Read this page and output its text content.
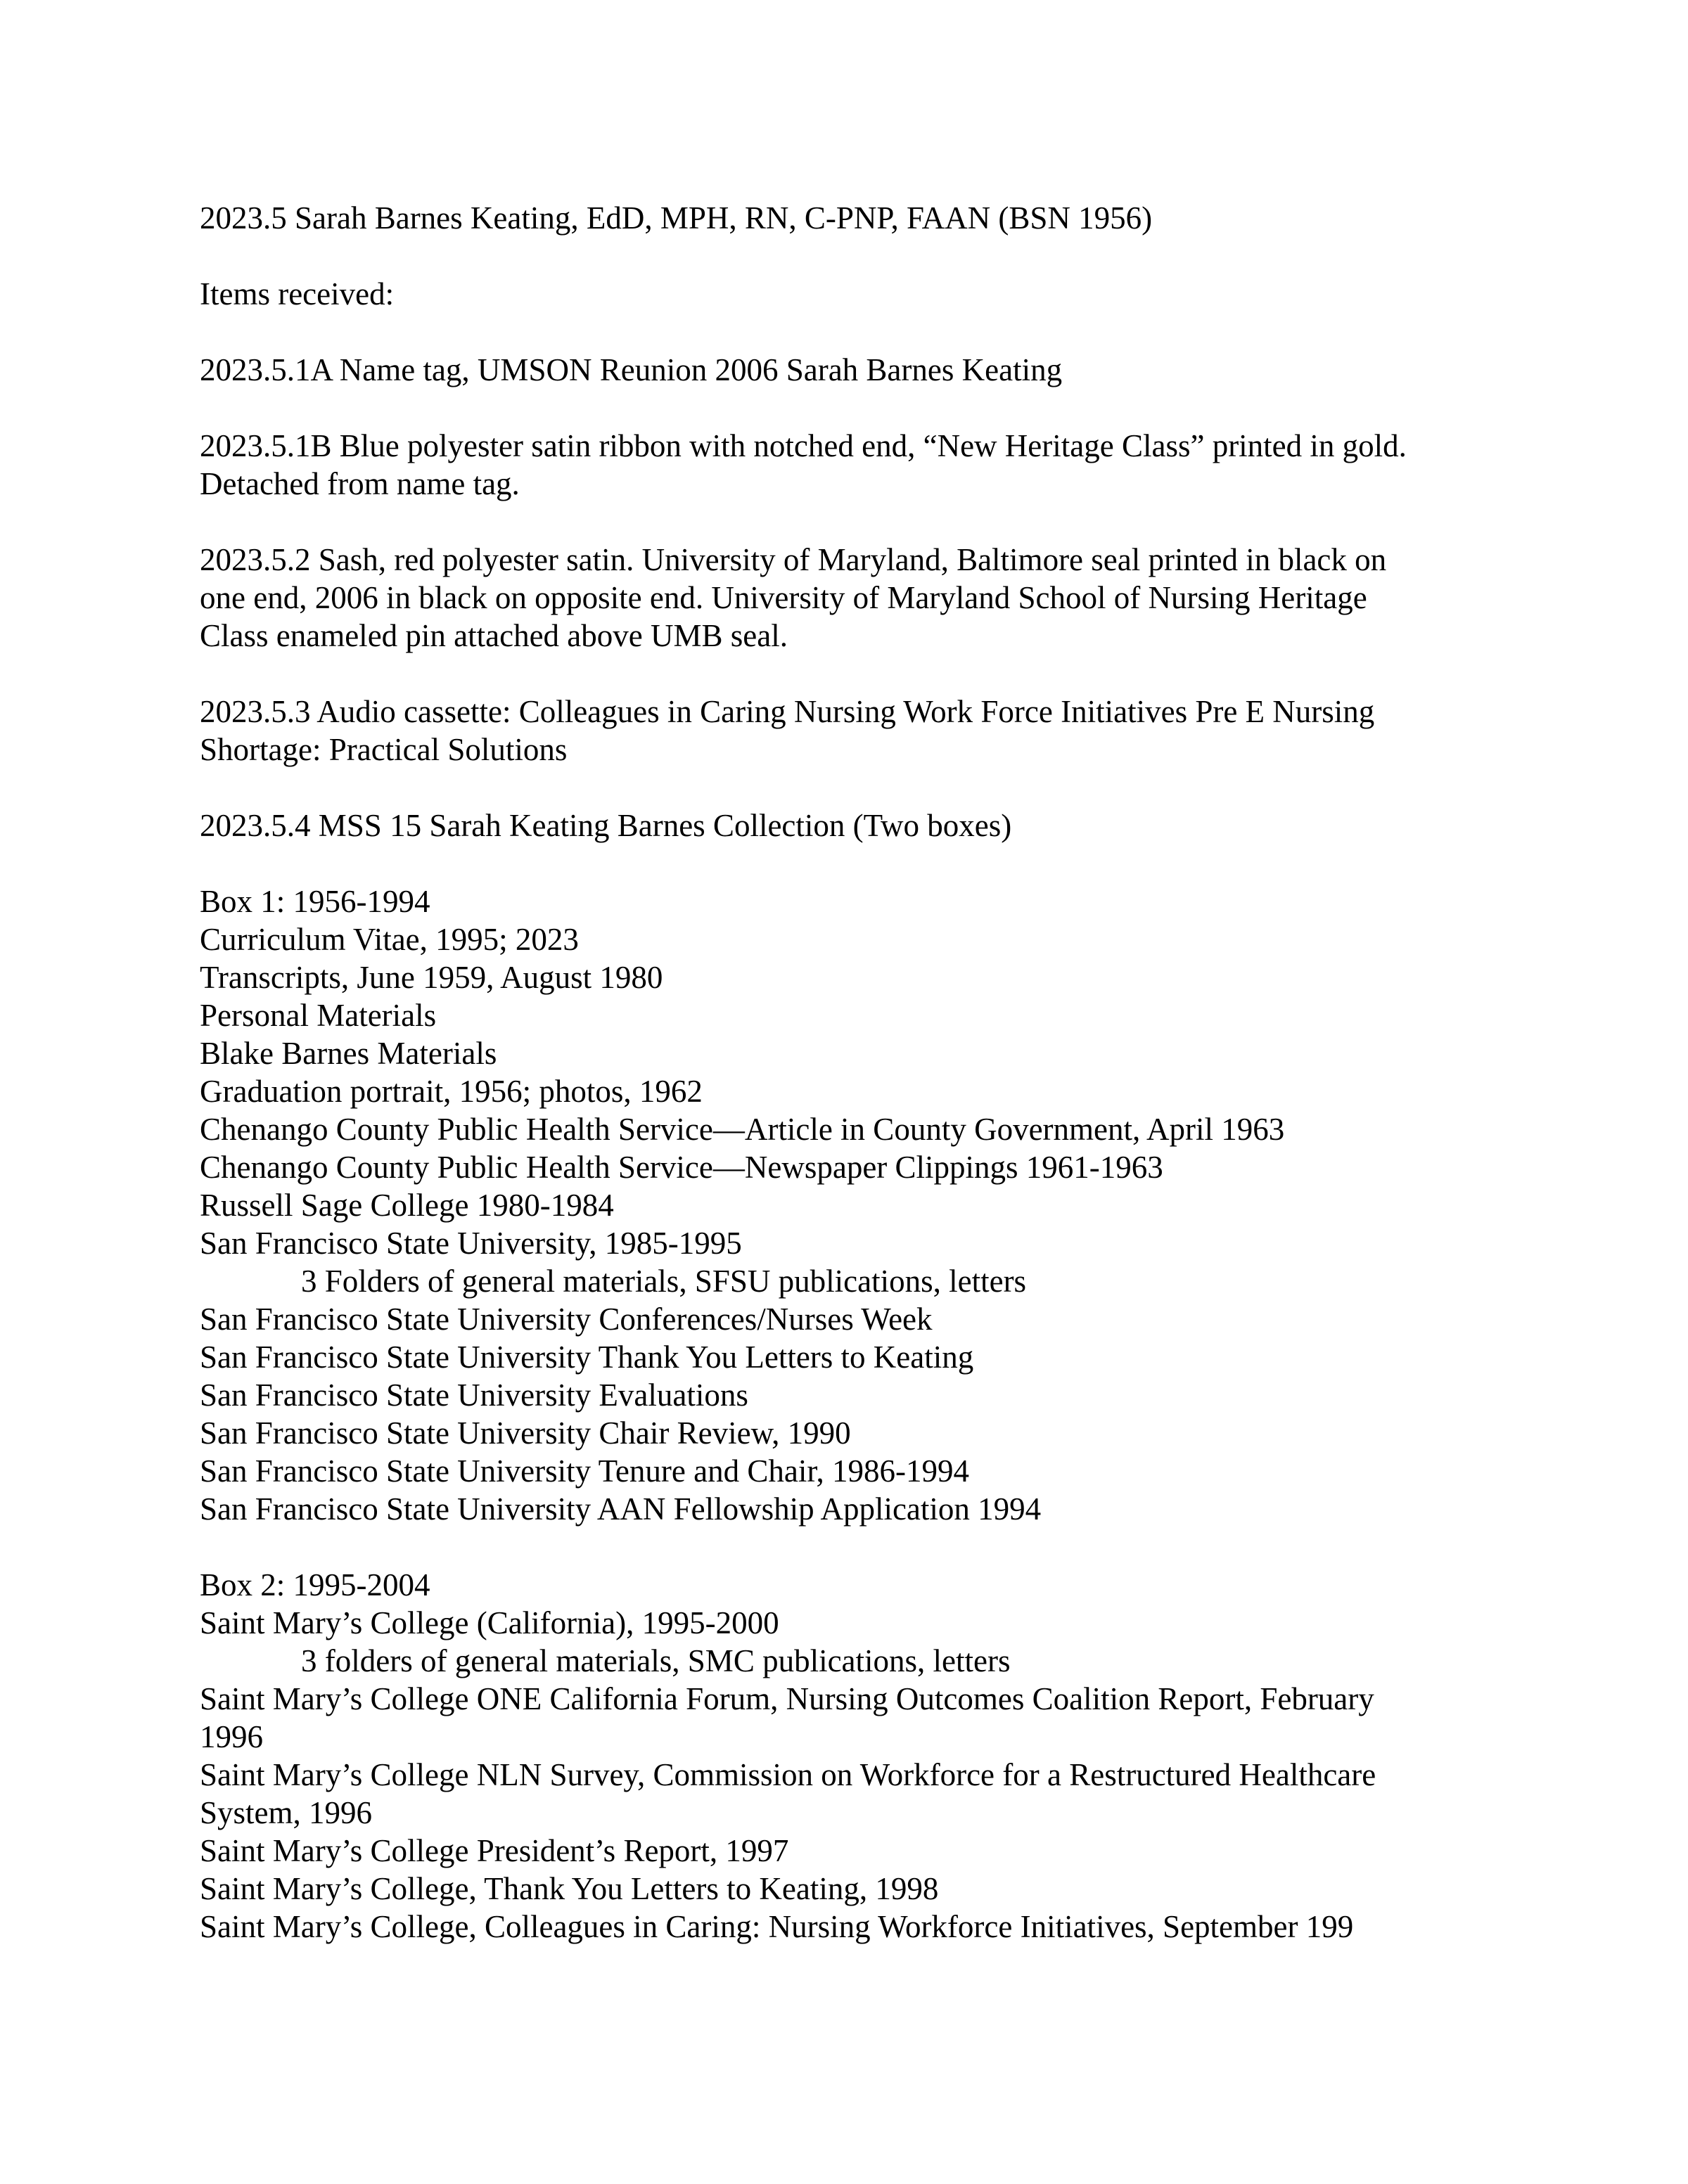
2023.5 Sarah Barnes Keating, EdD, MPH, RN, C-PNP, FAAN (BSN 1956)

Items received:

2023.5.1A Name tag, UMSON Reunion 2006 Sarah Barnes Keating

2023.5.1B Blue polyester satin ribbon with notched end, “New Heritage Class” printed in gold.
Detached from name tag.

2023.5.2 Sash, red polyester satin. University of Maryland, Baltimore seal printed in black on
one end, 2006 in black on opposite end. University of Maryland School of Nursing Heritage
Class enameled pin attached above UMB seal.

2023.5.3 Audio cassette: Colleagues in Caring Nursing Work Force Initiatives Pre E Nursing
Shortage: Practical Solutions

2023.5.4 MSS 15 Sarah Keating Barnes Collection (Two boxes)

Box 1: 1956-1994
Curriculum Vitae, 1995; 2023
Transcripts, June 1959, August 1980
Personal Materials
Blake Barnes Materials
Graduation portrait, 1956; photos, 1962
Chenango County Public Health Service—Article in County Government, April 1963
Chenango County Public Health Service—Newspaper Clippings 1961-1963
Russell Sage College 1980-1984
San Francisco State University, 1985-1995
3 Folders of general materials, SFSU publications, letters
San Francisco State University Conferences/Nurses Week
San Francisco State University Thank You Letters to Keating
San Francisco State University Evaluations
San Francisco State University Chair Review, 1990
San Francisco State University Tenure and Chair, 1986-1994
San Francisco State University AAN Fellowship Application 1994
Box 2: 1995-2004
Saint Mary’s College (California), 1995-2000
3 folders of general materials, SMC publications, letters
Saint Mary’s College ONE California Forum, Nursing Outcomes Coalition Report, February
1996
Saint Mary’s College NLN Survey, Commission on Workforce for a Restructured Healthcare
System, 1996
Saint Mary’s College President’s Report, 1997
Saint Mary’s College, Thank You Letters to Keating, 1998
Saint Mary’s College, Colleagues in Caring: Nursing Workforce Initiatives, September 199
